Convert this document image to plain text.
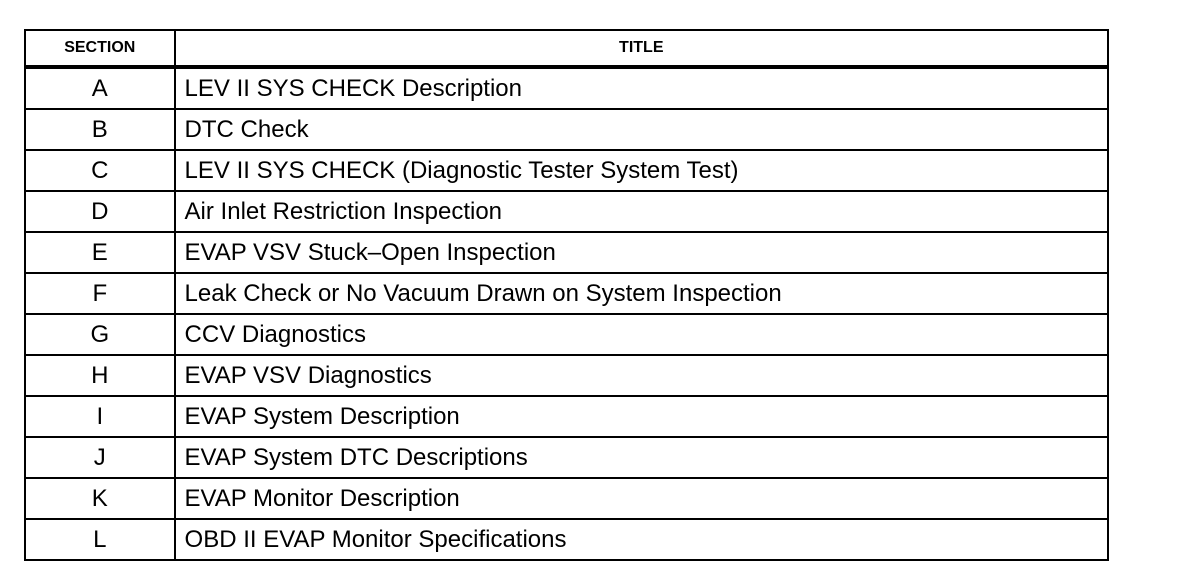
SECTION	TITLE
A	LEV II SYS CHECK Description
B	DTC Check
C	LEV II SYS CHECK (Diagnostic Tester System Test)
D	Air Inlet Restriction Inspection
E	EVAP VSV Stuck–Open Inspection
F	Leak Check or No Vacuum Drawn on System Inspection
G	CCV Diagnostics
H	EVAP VSV Diagnostics
I	EVAP System Description
J	EVAP System DTC Descriptions
K	EVAP Monitor Description
L	OBD II EVAP Monitor Specifications
